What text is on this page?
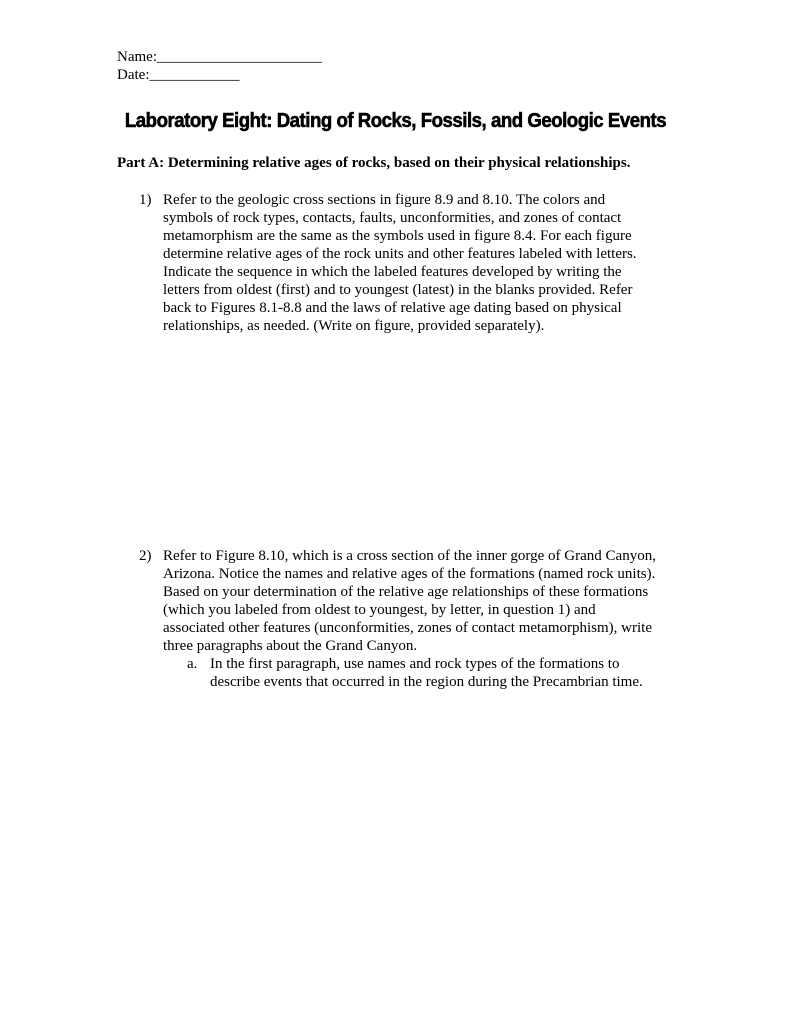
Name:______________________
Date:____________
Laboratory Eight: Dating of Rocks, Fossils, and Geologic Events
Part A: Determining relative ages of rocks, based on their physical relationships.
1) Refer to the geologic cross sections in figure 8.9 and 8.10. The colors and
symbols of rock types, contacts, faults, unconformities, and zones of contact
metamorphism are the same as the symbols used in figure 8.4. For each figure
determine relative ages of the rock units and other features labeled with letters.
Indicate the sequence in which the labeled features developed by writing the
letters from oldest (first) and to youngest (latest) in the blanks provided. Refer
back to Figures 8.1-8.8 and the laws of relative age dating based on physical
relationships, as needed. (Write on figure, provided separately).
2) Refer to Figure 8.10, which is a cross section of the inner gorge of Grand Canyon,
Arizona. Notice the names and relative ages of the formations (named rock units).
Based on your determination of the relative age relationships of these formations
(which you labeled from oldest to youngest, by letter, in question 1) and
associated other features (unconformities, zones of contact metamorphism), write
three paragraphs about the Grand Canyon.
a. In the first paragraph, use names and rock types of the formations to
describe events that occurred in the region during the Precambrian time.
